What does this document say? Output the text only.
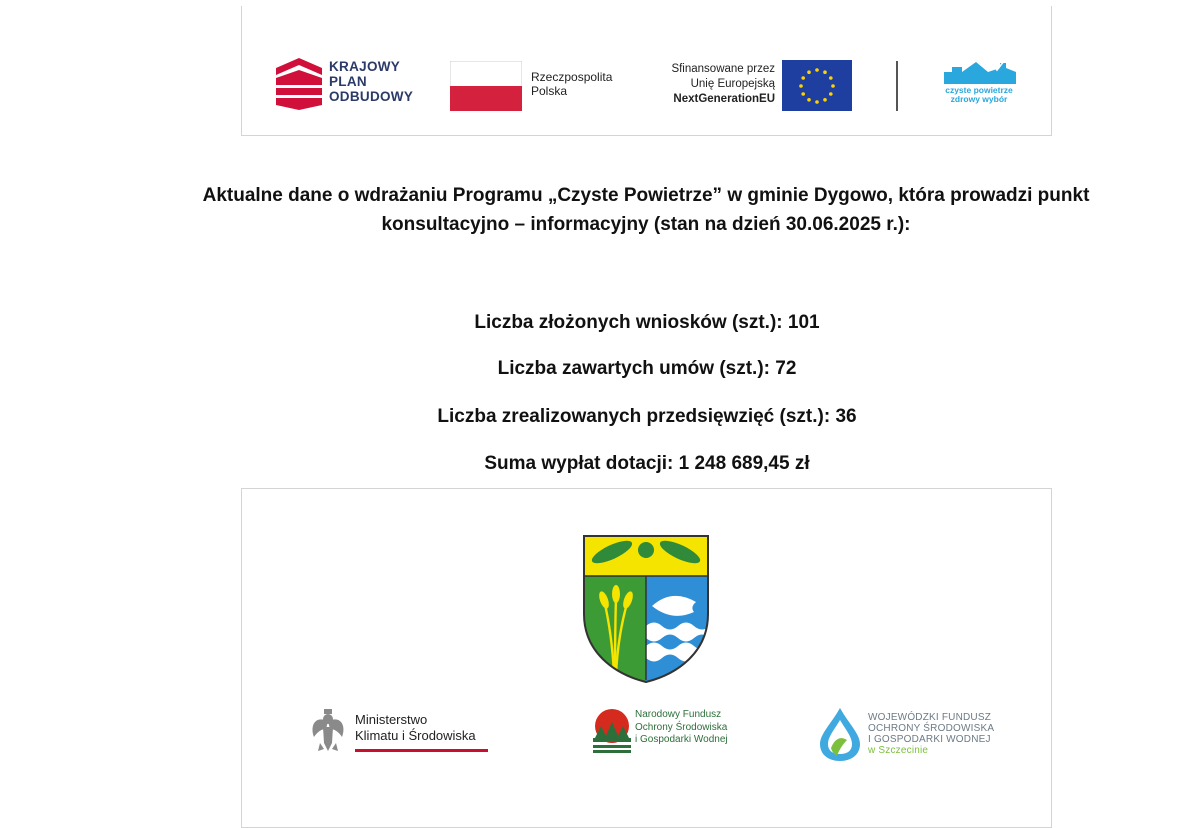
KRAJOWY
PLAN
ODBUDOWY
Rzeczpospolita
Polska
Sfinansowane przez
Unię Europejską
NextGenerationEU
czyste powietrze
zdrowy wybór
Aktualne dane o wdrażaniu Programu „Czyste Powietrze” w gminie Dygowo, która prowadzi punkt
konsultacyjno – informacyjny (stan na dzień 30.06.2025 r.):
Liczba złożonych wniosków (szt.): 101
Liczba zawartych umów (szt.): 72
Liczba zrealizowanych przedsięwzięć (szt.): 36
Suma wypłat dotacji: 1 248 689,45 zł
Ministerstwo
Klimatu i Środowiska
Narodowy Fundusz
Ochrony Środowiska
i Gospodarki Wodnej
WOJEWÓDZKI FUNDUSZ
OCHRONY ŚRODOWISKA
I GOSPODARKI WODNEJ
w Szczecinie
